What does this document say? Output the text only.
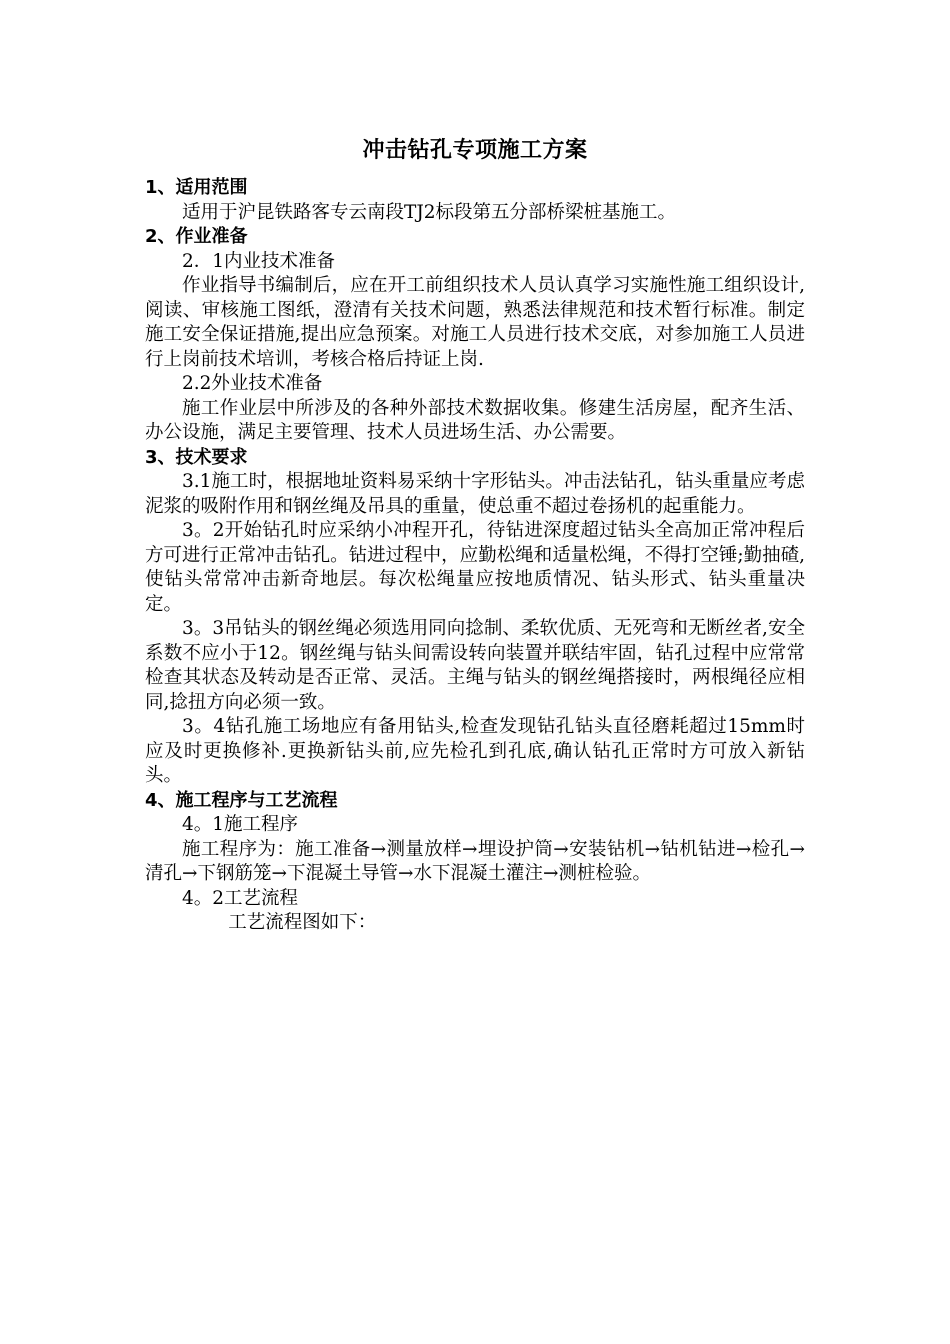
冲击钻孔专项施工方案
1、适用范围
适用于沪昆铁路客专云南段TJ2标段第五分部桥梁桩基施工。
2、作业准备
2．1内业技术准备
作业指导书编制后，应在开工前组织技术人员认真学习实施性施工组织设计,阅读、审核施工图纸，澄清有关技术问题，熟悉法律规范和技术暂行标准。制定施工安全保证措施,提出应急预案。对施工人员进行技术交底，对参加施工人员进行上岗前技术培训，考核合格后持证上岗.
2.2外业技术准备
施工作业层中所涉及的各种外部技术数据收集。修建生活房屋，配齐生活、办公设施，满足主要管理、技术人员进场生活、办公需要。
3、技术要求
3.1施工时，根据地址资料易采纳十字形钻头。冲击法钻孔，钻头重量应考虑泥浆的吸附作用和钢丝绳及吊具的重量，使总重不超过卷扬机的起重能力。
3。2开始钻孔时应采纳小冲程开孔，待钻进深度超过钻头全高加正常冲程后方可进行正常冲击钻孔。钻进过程中，应勤松绳和适量松绳，不得打空锤;勤抽碴,使钻头常常冲击新奇地层。每次松绳量应按地质情况、钻头形式、钻头重量决定。
3。3吊钻头的钢丝绳必须选用同向捻制、柔软优质、无死弯和无断丝者,安全系数不应小于12。钢丝绳与钻头间需设转向装置并联结牢固，钻孔过程中应常常检查其状态及转动是否正常、灵活。主绳与钻头的钢丝绳搭接时，两根绳径应相同,捻扭方向必须一致。
3。4钻孔施工场地应有备用钻头,检查发现钻孔钻头直径磨耗超过15mm时应及时更换修补.更换新钻头前,应先检孔到孔底,确认钻孔正常时方可放入新钻头。
4、施工程序与工艺流程
4。1施工程序
施工程序为：施工准备→测量放样→埋设护筒→安装钻机→钻机钻进→检孔→清孔→下钢筋笼→下混凝土导管→水下混凝土灌注→测桩检验。
4。2工艺流程
工艺流程图如下：
